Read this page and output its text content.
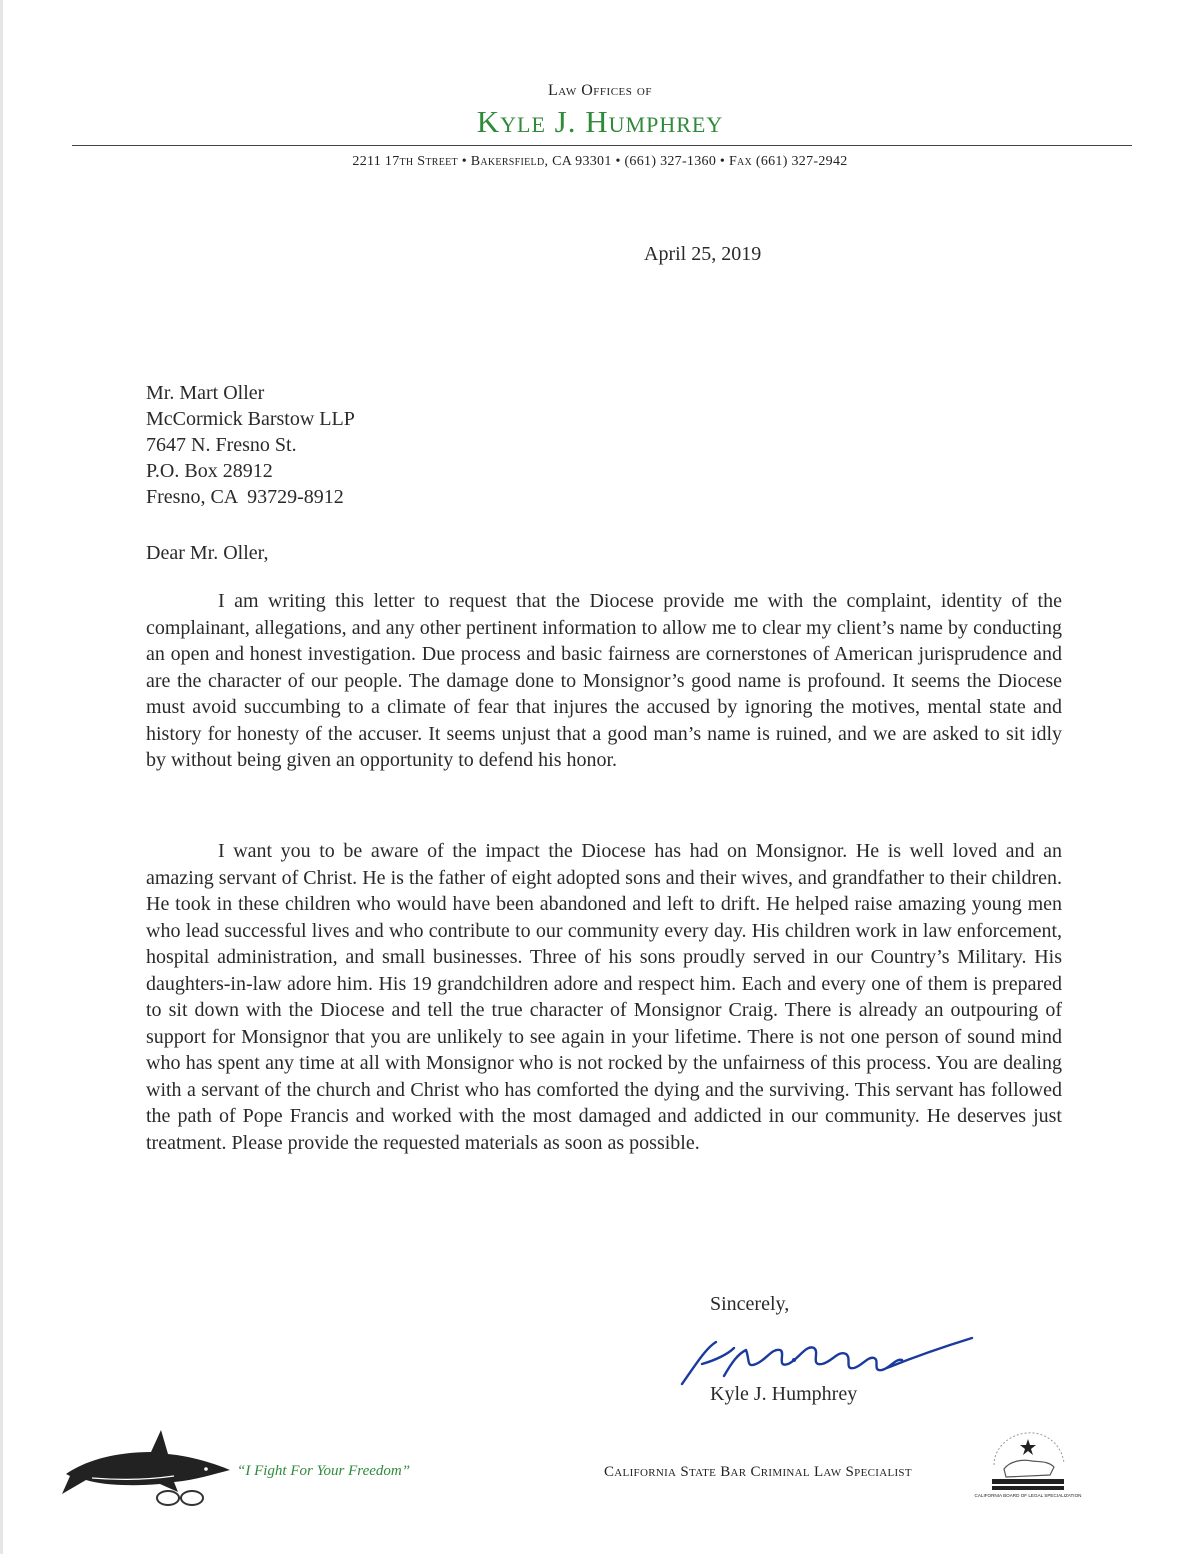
Law Offices of
Kyle J. Humphrey
2211 17th Street • Bakersfield, CA 93301 • (661) 327-1360 • Fax (661) 327-2942
April 25, 2019
Mr. Mart Oller
McCormick Barstow LLP
7647 N. Fresno St.
P.O. Box 28912
Fresno, CA  93729-8912
Dear Mr. Oller,

I am writing this letter to request that the Diocese provide me with the complaint, identity of the complainant, allegations, and any other pertinent information to allow me to clear my client’s name by conducting an open and honest investigation. Due process and basic fairness are cornerstones of American jurisprudence and are the character of our people. The damage done to Monsignor’s good name is profound. It seems the Diocese must avoid succumbing to a climate of fear that injures the accused by ignoring the motives, mental state and history for honesty of the accuser. It seems unjust that a good man’s name is ruined, and we are asked to sit idly by without being given an opportunity to defend his honor.

I want you to be aware of the impact the Diocese has had on Monsignor. He is well loved and an amazing servant of Christ. He is the father of eight adopted sons and their wives, and grandfather to their children. He took in these children who would have been abandoned and left to drift. He helped raise amazing young men who lead successful lives and who contribute to our community every day. His children work in law enforcement, hospital administration, and small businesses. Three of his sons proudly served in our Country’s Military. His daughters-in-law adore him. His 19 grandchildren adore and respect him. Each and every one of them is prepared to sit down with the Diocese and tell the true character of Monsignor Craig. There is already an outpouring of support for Monsignor that you are unlikely to see again in your lifetime. There is not one person of sound mind who has spent any time at all with Monsignor who is not rocked by the unfairness of this process. You are dealing with a servant of the church and Christ who has comforted the dying and the surviving. This servant has followed the path of Pope Francis and worked with the most damaged and addicted in our community. He deserves just treatment. Please provide the requested materials as soon as possible.

Sincerely,
Kyle J. Humphrey
“I Fight For Your Freedom”	California State Bar Criminal Law Specialist
CALIFORNIA BOARD OF LEGAL SPECIALIZATION
